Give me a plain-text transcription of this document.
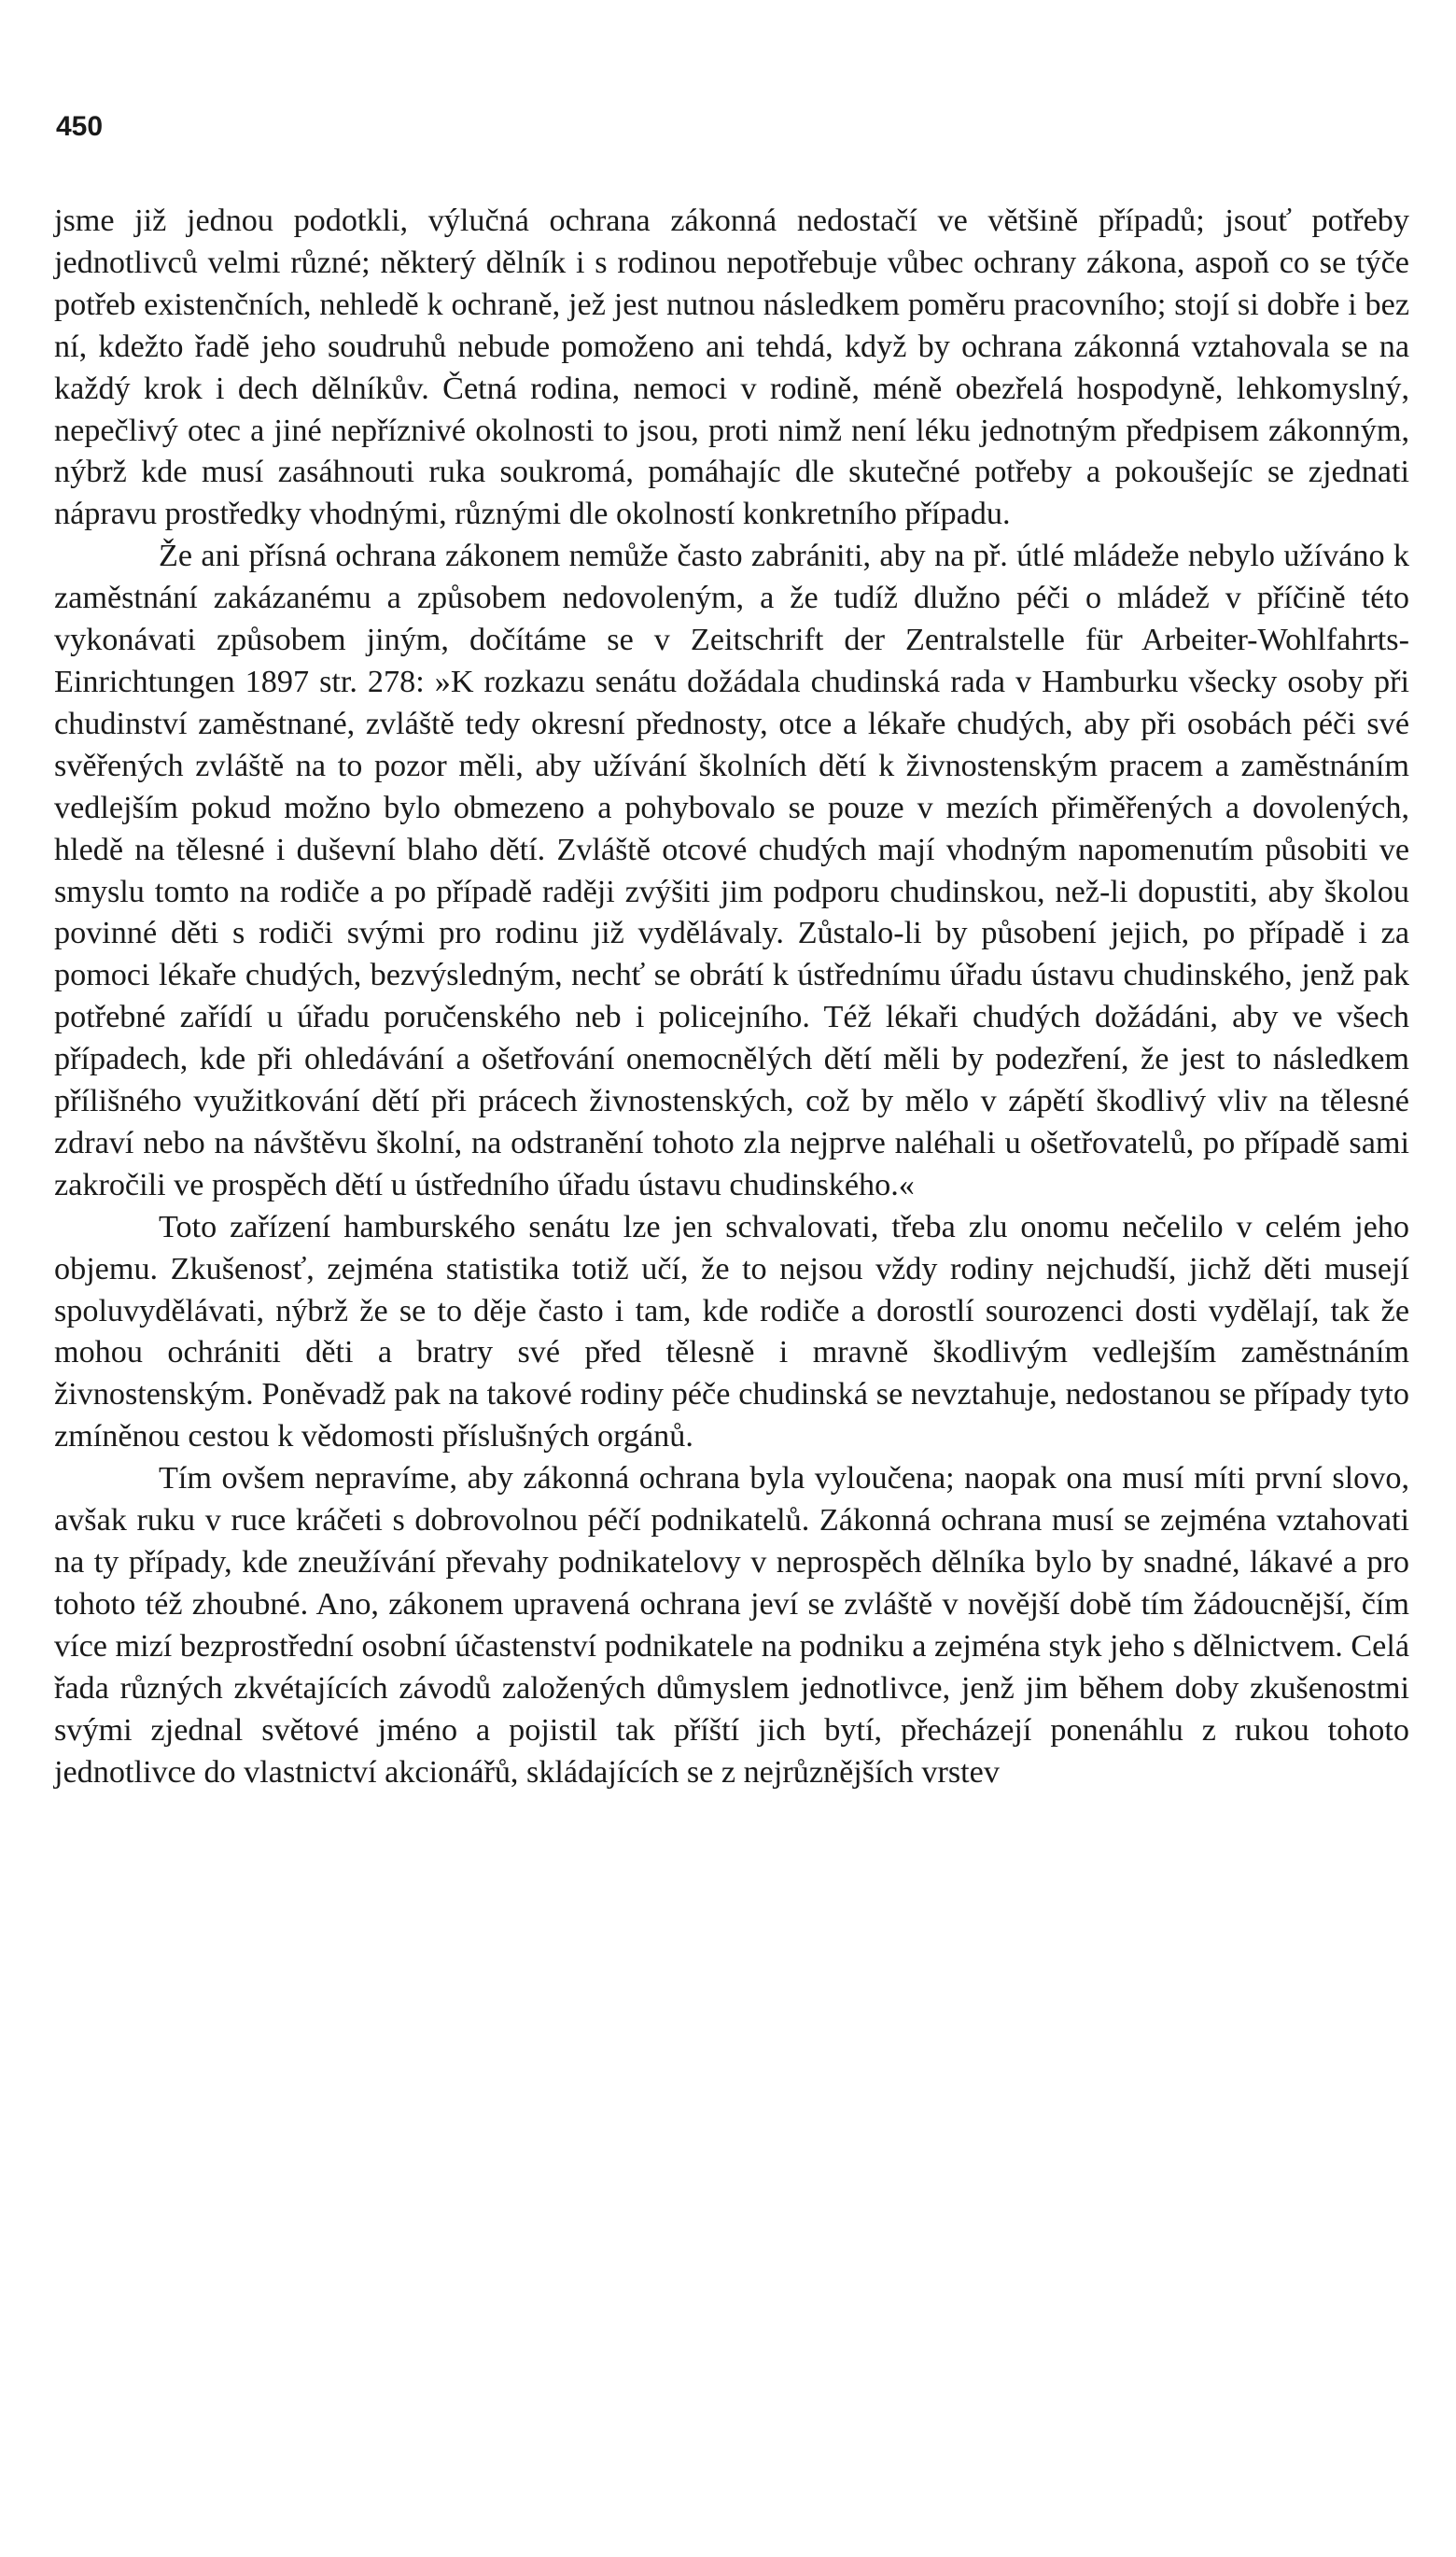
450

jsme již jednou podotkli, výlučná ochrana zákonná nedostačí ve většině případů; jsouť potřeby jednotlivců velmi různé; některý dělník i s rodinou nepotřebuje vůbec ochrany zákona, aspoň co se týče potřeb existenčních, nehledě k ochraně, jež jest nutnou následkem poměru pracovního; stojí si dobře i bez ní, kdežto řadě jeho soudruhů nebude pomoženo ani tehdá, když by ochrana zákonná vztahovala se na každý krok i dech dělníkův. Četná rodina, nemoci v rodině, méně obezřelá hospodyně, lehkomyslný, nepečlivý otec a jiné nepříznivé okolnosti to jsou, proti nimž není léku jednotným předpisem zákonným, nýbrž kde musí zasáhnouti ruka soukromá, pomáhajíc dle skutečné potřeby a pokoušejíc se zjednati nápravu prostředky vhodnými, různými dle okolností konkretního případu.

Že ani přísná ochrana zákonem nemůže často zabrániti, aby na př. útlé mládeže nebylo užíváno k zaměstnání zakázanému a způsobem nedovoleným, a že tudíž dlužno péči o mládež v příčině této vykonávati způsobem jiným, dočítáme se v Zeitschrift der Zentralstelle für Arbeiter-Wohlfahrts-Einrichtungen 1897 str. 278: »K rozkazu senátu dožádala chudinská rada v Hamburku všecky osoby při chudinství zaměstnané, zvláště tedy okresní přednosty, otce a lékaře chudých, aby při osobách péči své svěřených zvláště na to pozor měli, aby užívání školních dětí k živnostenským pracem a zaměstnáním vedlejším pokud možno bylo obmezeno a pohybovalo se pouze v mezích přiměřených a dovolených, hledě na tělesné i duševní blaho dětí. Zvláště otcové chudých mají vhodným napomenutím působiti ve smyslu tomto na rodiče a po případě raději zvýšiti jim podporu chudinskou, než-li dopustiti, aby školou povinné děti s rodiči svými pro rodinu již vydělávaly. Zůstalo-li by působení jejich, po případě i za pomoci lékaře chudých, bezvýsledným, nechť se obrátí k ústřednímu úřadu ústavu chudinského, jenž pak potřebné zařídí u úřadu poručenského neb i policejního. Též lékaři chudých dožádáni, aby ve všech případech, kde při ohledávání a ošetřování onemocnělých dětí měli by podezření, že jest to následkem přílišného využitkování dětí při prácech živnostenských, což by mělo v zápětí škodlivý vliv na tělesné zdraví nebo na návštěvu školní, na odstranění tohoto zla nejprve naléhali u ošetřovatelů, po případě sami zakročili ve prospěch dětí u ústředního úřadu ústavu chudinského.«

Toto zařízení hamburského senátu lze jen schvalovati, třeba zlu onomu nečelilo v celém jeho objemu. Zkušenosť, zejména statistika totiž učí, že to nejsou vždy rodiny nejchudší, jichž děti musejí spoluvydělávati, nýbrž že se to děje často i tam, kde rodiče a dorostlí sourozenci dosti vydělají, tak že mohou ochrániti děti a bratry své před tělesně i mravně škodlivým vedlejším zaměstnáním živnostenským. Poněvadž pak na takové rodiny péče chudinská se nevztahuje, nedostanou se případy tyto zmíněnou cestou k vědomosti příslušných orgánů.

Tím ovšem nepravíme, aby zákonná ochrana byla vyloučena; naopak ona musí míti první slovo, avšak ruku v ruce kráčeti s dobrovolnou péčí podnikatelů. Zákonná ochrana musí se zejména vztahovati na ty případy, kde zneužívání převahy podnikatelovy v neprospěch dělníka bylo by snadné, lákavé a pro tohoto též zhoubné. Ano, zákonem upravená ochrana jeví se zvláště v novější době tím žádoucnější, čím více mizí bezprostřední osobní účastenství podnikatele na podniku a zejména styk jeho s dělnictvem. Celá řada různých zkvétajících závodů založených důmyslem jednotlivce, jenž jim během doby zkušenostmi svými zjednal světové jméno a pojistil tak příští jich bytí, přecházejí ponenáhlu z rukou tohoto jednotlivce do vlastnictví akcionářů, skládajících se z nejrůznějších vrstev
